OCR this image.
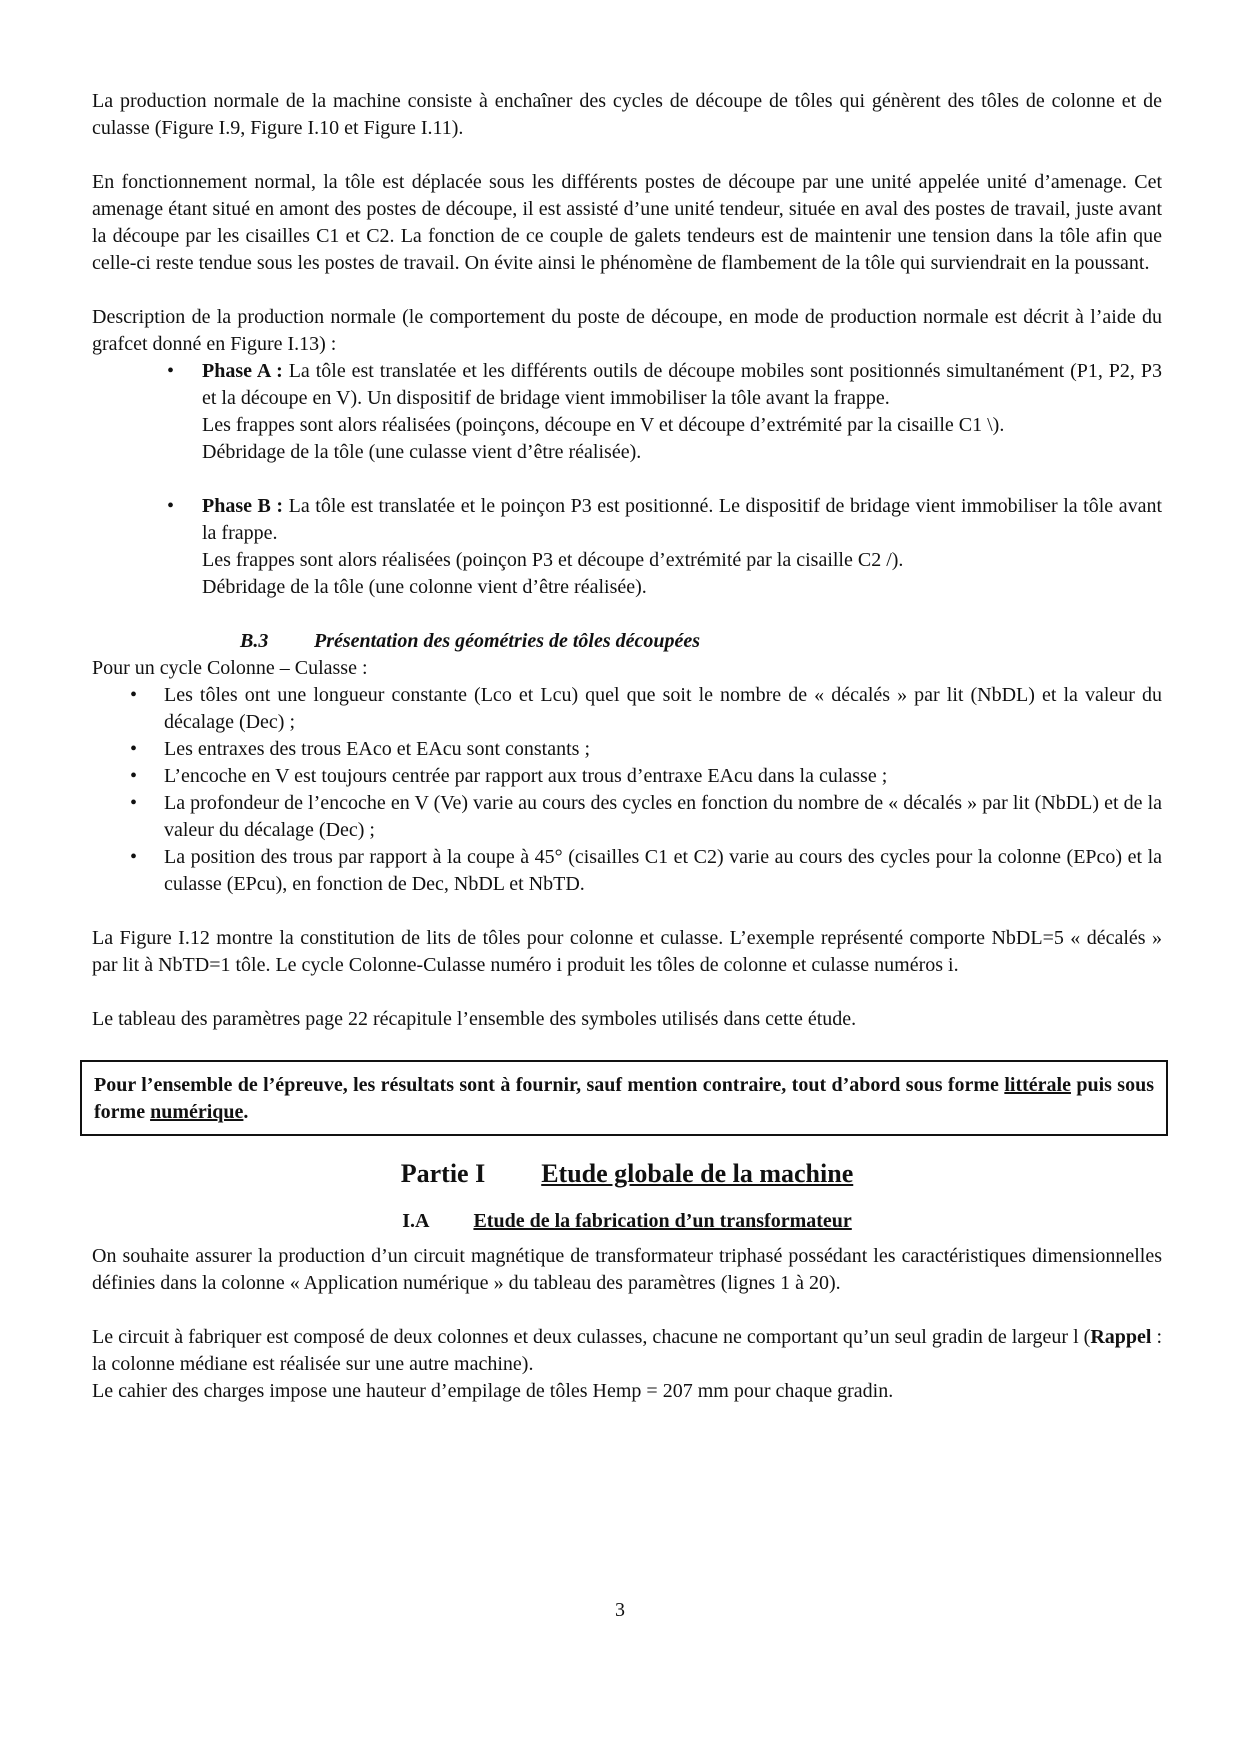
La production normale de la machine consiste à enchaîner des cycles de découpe de tôles qui génèrent des tôles de colonne et de culasse (Figure I.9, Figure I.10 et Figure I.11).

En fonctionnement normal, la tôle est déplacée sous les différents postes de découpe par une unité appelée unité d’amenage. Cet amenage étant situé en amont des postes de découpe, il est assisté d’une unité tendeur, située en aval des postes de travail, juste avant la découpe par les cisailles C1 et C2. La fonction de ce couple de galets tendeurs est de maintenir une tension dans la tôle afin que celle-ci reste tendue sous les postes de travail. On évite ainsi le phénomène de flambement de la tôle qui surviendrait en la poussant.

Description de la production normale (le comportement du poste de découpe, en mode de production normale est décrit à l’aide du grafcet donné en Figure I.13) :

• Phase A : La tôle est translatée et les différents outils de découpe mobiles sont positionnés simultanément (P1, P2, P3 et la découpe en V). Un dispositif de bridage vient immobiliser la tôle avant la frappe.
Les frappes sont alors réalisées (poinçons, découpe en V et découpe d’extrémité par la cisaille C1 \).
Débridage de la tôle (une culasse vient d’être réalisée).
• Phase B : La tôle est translatée et le poinçon P3 est positionné. Le dispositif de bridage vient immobiliser la tôle avant la frappe.
Les frappes sont alors réalisées (poinçon P3 et découpe d’extrémité par la cisaille C2 /).
Débridage de la tôle (une colonne vient d’être réalisée).
B.3 Présentation des géométries de tôles découpées

Pour un cycle Colonne – Culasse :

• Les tôles ont une longueur constante (Lco et Lcu) quel que soit le nombre de « décalés » par lit (NbDL) et la valeur du décalage (Dec) ;
• Les entraxes des trous EAco et EAcu sont constants ;
• L’encoche en V est toujours centrée par rapport aux trous d’entraxe EAcu dans la culasse ;
• La profondeur de l’encoche en V (Ve) varie au cours des cycles en fonction du nombre de « décalés » par lit (NbDL) et de la valeur du décalage (Dec) ;
• La position des trous par rapport à la coupe à 45° (cisailles C1 et C2) varie au cours des cycles pour la colonne (EPco) et la culasse (EPcu), en fonction de Dec, NbDL et NbTD.

La Figure I.12 montre la constitution de lits de tôles pour colonne et culasse. L’exemple représenté comporte NbDL=5 « décalés » par lit à NbTD=1 tôle. Le cycle Colonne-Culasse numéro i produit les tôles de colonne et culasse numéros i.

Le tableau des paramètres page 22 récapitule l’ensemble des symboles utilisés dans cette étude.

Pour l’ensemble de l’épreuve, les résultats sont à fournir, sauf mention contraire, tout d’abord sous forme littérale puis sous forme numérique.
Partie I Etude globale de la machine
I.A Etude de la fabrication d’un transformateur

On souhaite assurer la production d’un circuit magnétique de transformateur triphasé possédant les caractéristiques dimensionnelles définies dans la colonne « Application numérique » du tableau des paramètres (lignes 1 à 20).

Le circuit à fabriquer est composé de deux colonnes et deux culasses, chacune ne comportant qu’un seul gradin de largeur l (Rappel : la colonne médiane est réalisée sur une autre machine).

Le cahier des charges impose une hauteur d’empilage de tôles Hemp = 207 mm pour chaque gradin.

3
